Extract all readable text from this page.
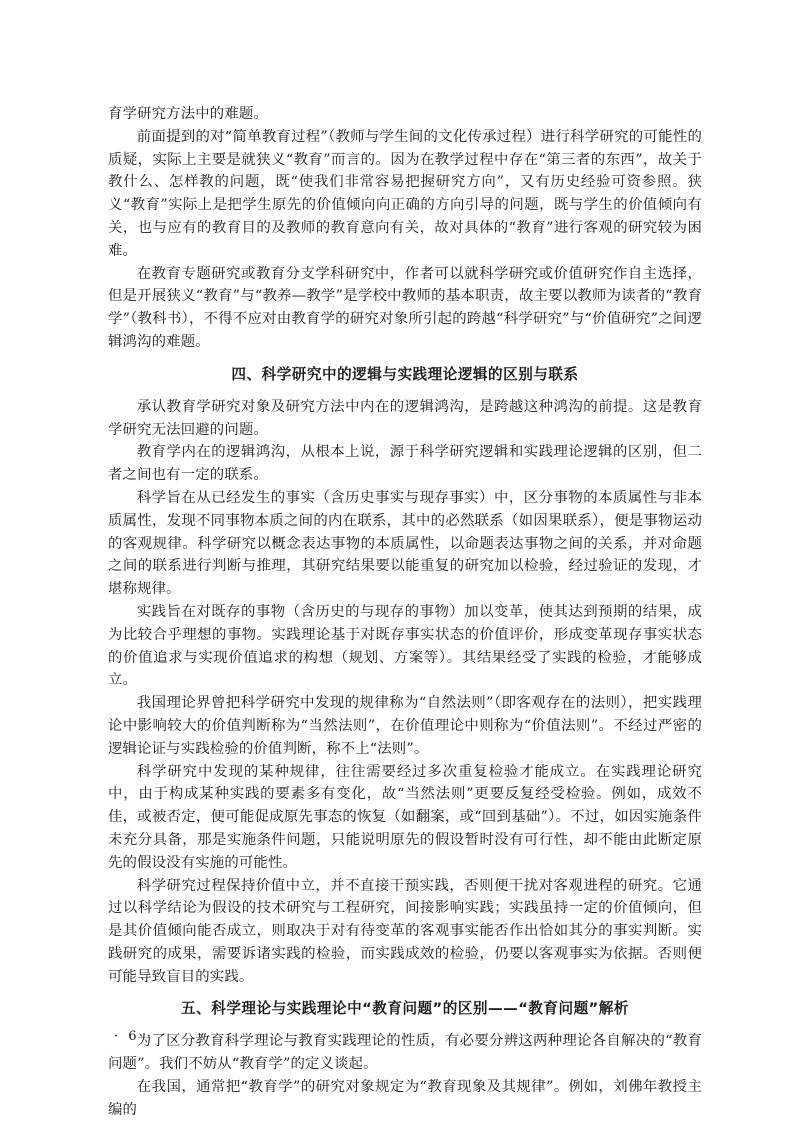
育学研究方法中的难题。

前面提到的对“简单教育过程”（教师与学生间的文化传承过程）进行科学研究的可能性的质疑，实际上主要是就狭义“教育”而言的。因为在教学过程中存在“第三者的东西”，故关于教什么、怎样教的问题，既“使我们非常容易把握研究方向”，又有历史经验可资参照。狭义“教育”实际上是把学生原先的价值倾向向正确的方向引导的问题，既与学生的价值倾向有关，也与应有的教育目的及教师的教育意向有关，故对具体的“教育”进行客观的研究较为困难。

在教育专题研究或教育分支学科研究中，作者可以就科学研究或价值研究作自主选择，但是开展狭义“教育”与“教养—教学”是学校中教师的基本职责，故主要以教师为读者的“教育学”（教科书），不得不应对由教育学的研究对象所引起的跨越“科学研究”与“价值研究”之间逻辑鸿沟的难题。

四、科学研究中的逻辑与实践理论逻辑的区别与联系

承认教育学研究对象及研究方法中内在的逻辑鸿沟，是跨越这种鸿沟的前提。这是教育学研究无法回避的问题。

教育学内在的逻辑鸿沟，从根本上说，源于科学研究逻辑和实践理论逻辑的区别，但二者之间也有一定的联系。

科学旨在从已经发生的事实（含历史事实与现存事实）中，区分事物的本质属性与非本质属性，发现不同事物本质之间的内在联系，其中的必然联系（如因果联系），便是事物运动的客观规律。科学研究以概念表达事物的本质属性，以命题表达事物之间的关系，并对命题之间的联系进行判断与推理，其研究结果要以能重复的研究加以检验，经过验证的发现，才堪称规律。

实践旨在对既存的事物（含历史的与现存的事物）加以变革，使其达到预期的结果，成为比较合乎理想的事物。实践理论基于对既存事实状态的价值评价，形成变革现存事实状态的价值追求与实现价值追求的构想（规划、方案等）。其结果经受了实践的检验，才能够成立。

我国理论界曾把科学研究中发现的规律称为“自然法则”（即客观存在的法则），把实践理论中影响较大的价值判断称为“当然法则”，在价值理论中则称为“价值法则”。不经过严密的逻辑论证与实践检验的价值判断，称不上“法则”。

科学研究中发现的某种规律，往往需要经过多次重复检验才能成立。在实践理论研究中，由于构成某种实践的要素多有变化，故“当然法则”更要反复经受检验。例如，成效不佳，或被否定，便可能促成原先事态的恢复（如翻案，或“回到基础”）。不过，如因实施条件未充分具备，那是实施条件问题，只能说明原先的假设暂时没有可行性，却不能由此断定原先的假设没有实施的可能性。

科学研究过程保持价值中立，并不直接干预实践，否则便干扰对客观进程的研究。它通过以科学结论为假设的技术研究与工程研究，间接影响实践；实践虽持一定的价值倾向，但是其价值倾向能否成立，则取决于对有待变革的客观事实能否作出恰如其分的事实判断。实践研究的成果，需要诉诸实践的检验，而实践成效的检验，仍要以客观事实为依据。否则便可能导致盲目的实践。

五、科学理论与实践理论中“教育问题”的区别——“教育问题”解析

为了区分教育科学理论与教育实践理论的性质，有必要分辨这两种理论各自解决的“教育问题”。我们不妨从“教育学”的定义谈起。

在我国，通常把“教育学”的研究对象规定为“教育现象及其规律”。例如，刘佛年教授主编的

· 6 ·
